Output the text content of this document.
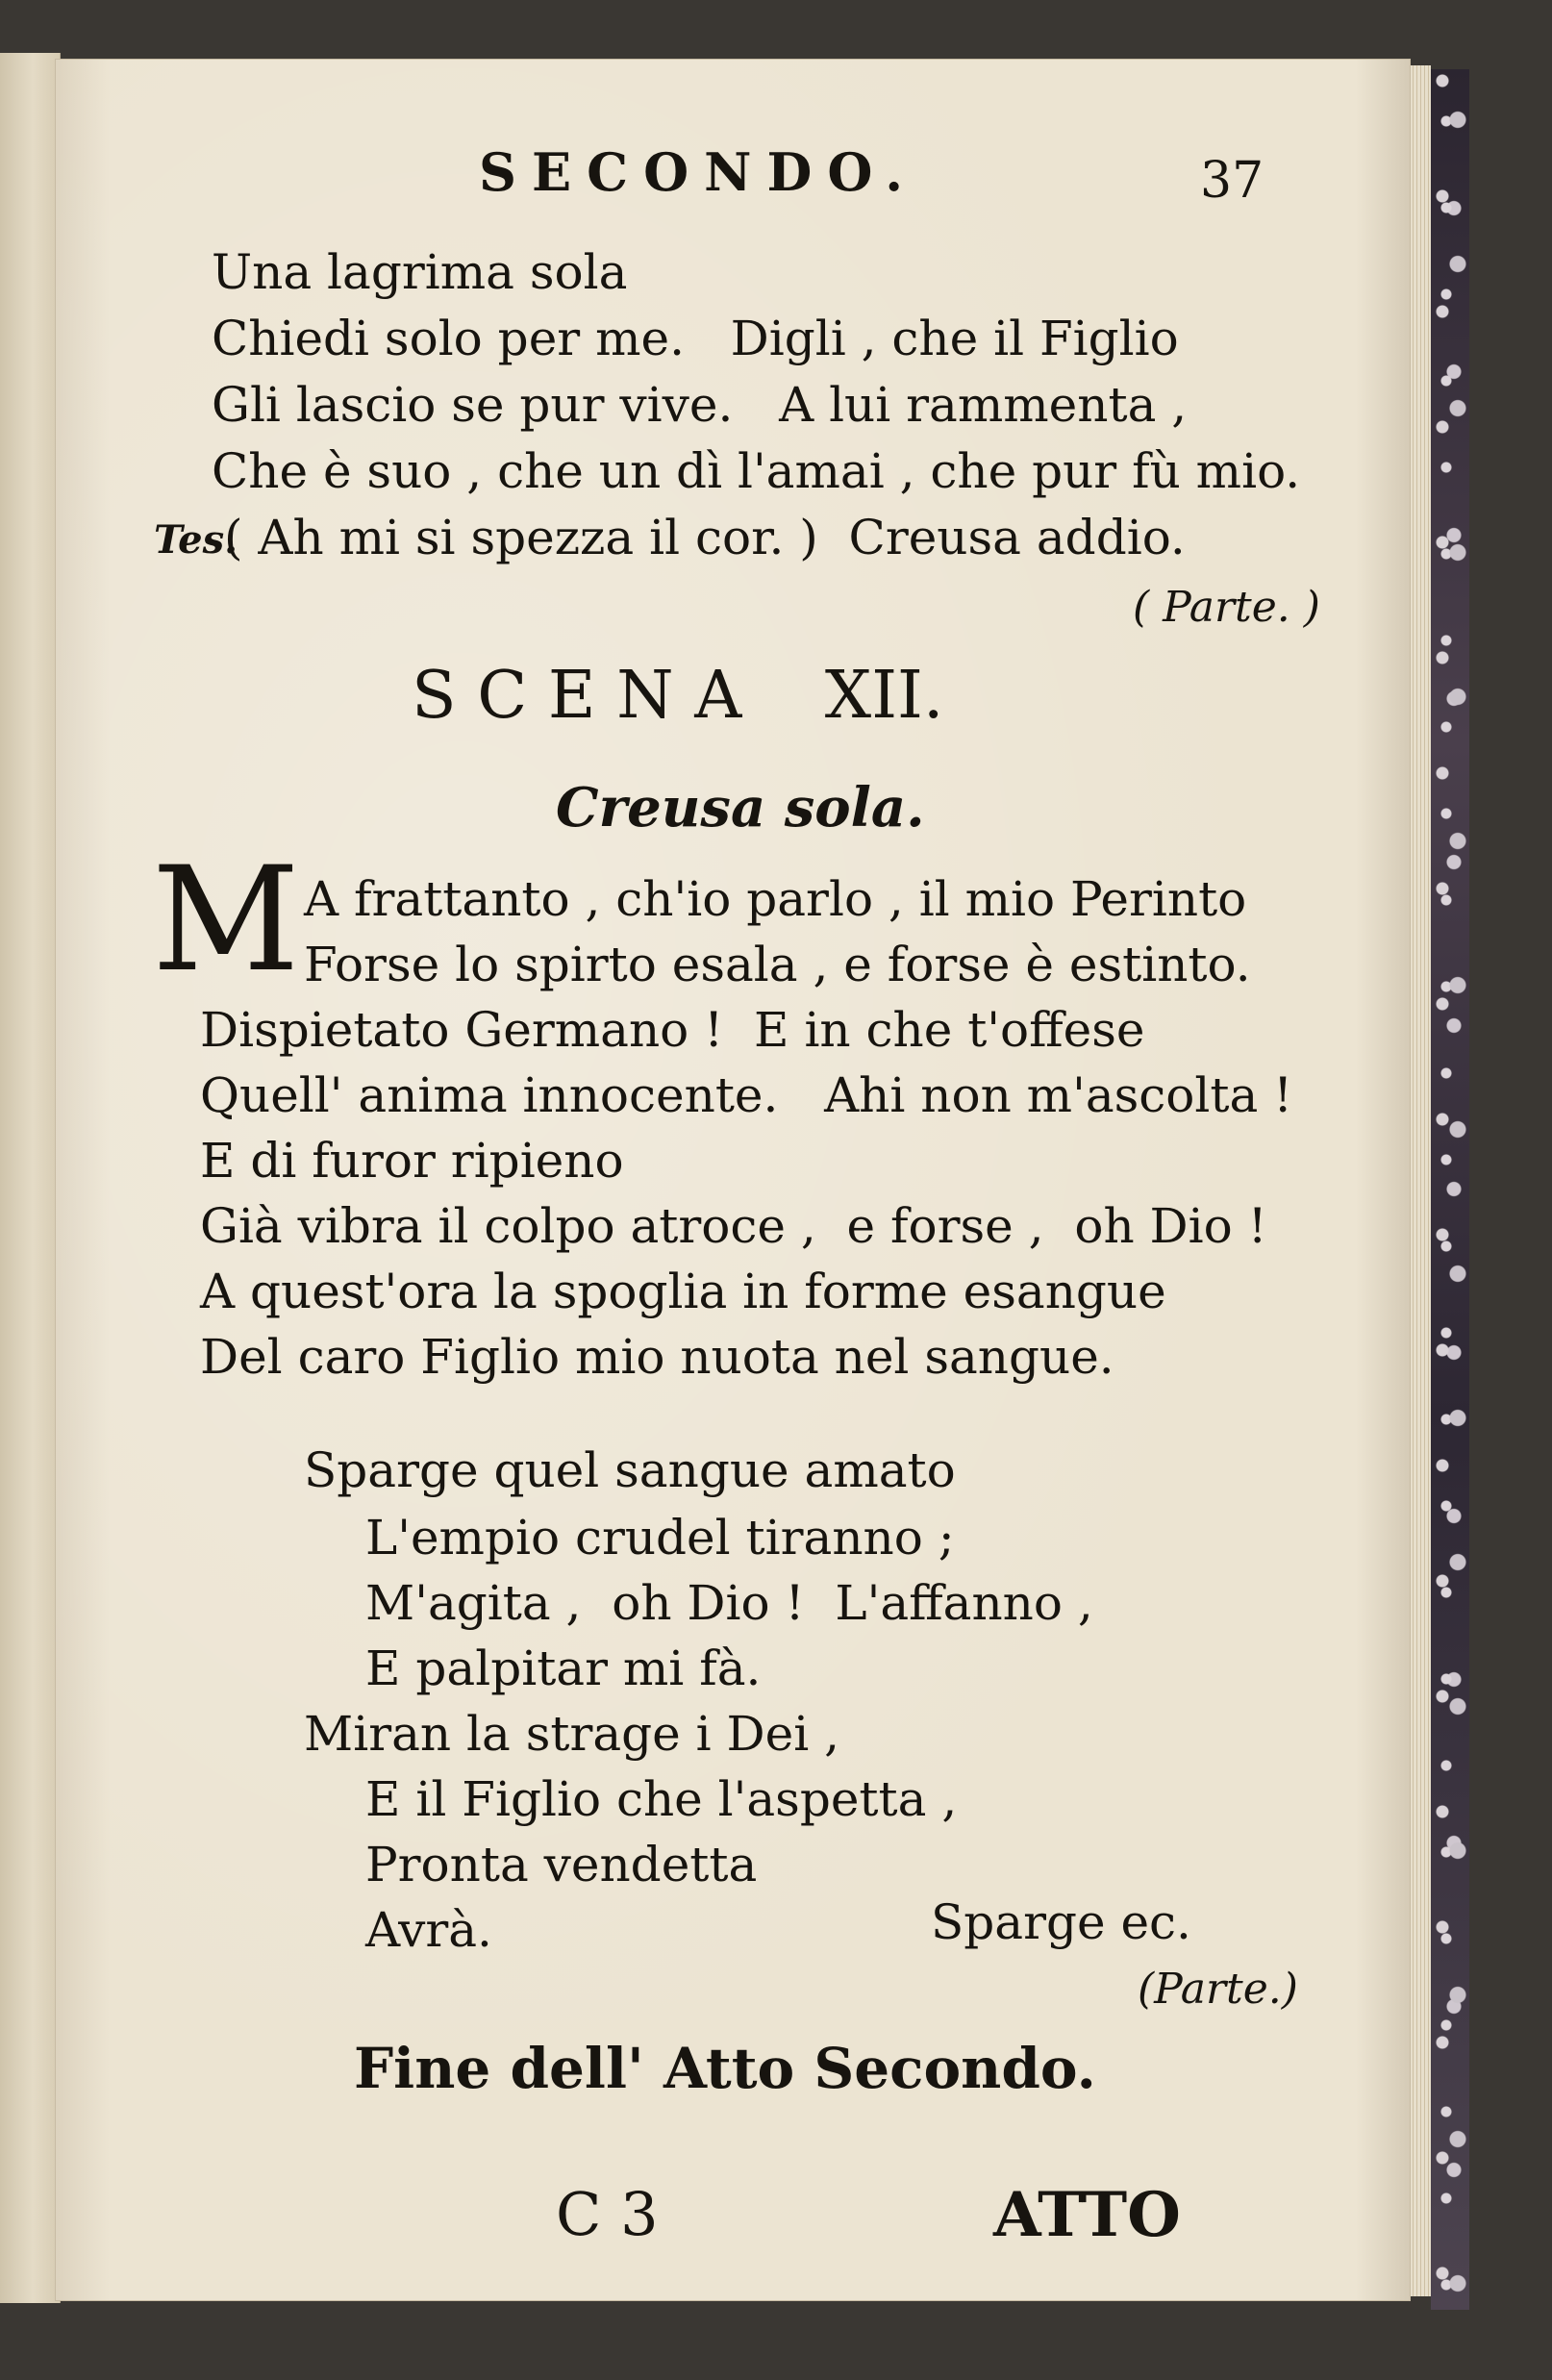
SECONDO.	37
Una lagrima sola
Chiedi solo per me.   Digli , che il Figlio
Gli lascio se pur vive.   A lui rammenta ,
Che è suo , che un dì l'amai , che pur fù mio.
Tes.
( Ah mi si spezza il cor. )  Creusa addio.
( Parte. )
S C E N A    XII.
Creusa sola.
M A frattanto , ch'io parlo , il mio Perinto
Forse lo spirto esala , e forse è estinto.
Dispietato Germano !  E in che t'offese
Quell' anima innocente.   Ahi non m'ascolta !
E di furor ripieno
Già vibra il colpo atroce ,  e forse ,  oh Dio !
A quest'ora la spoglia in forme esangue
Del caro Figlio mio nuota nel sangue.
Sparge quel sangue amato
L'empio crudel tiranno ;
M'agita ,  oh Dio !  L'affanno ,
E palpitar mi fà.
Miran la strage i Dei ,
E il Figlio che l'aspetta ,
Pronta vendetta
Avrà.	Sparge ec.
(Parte.)
Fine dell' Atto Secondo.
C 3	ATTO
